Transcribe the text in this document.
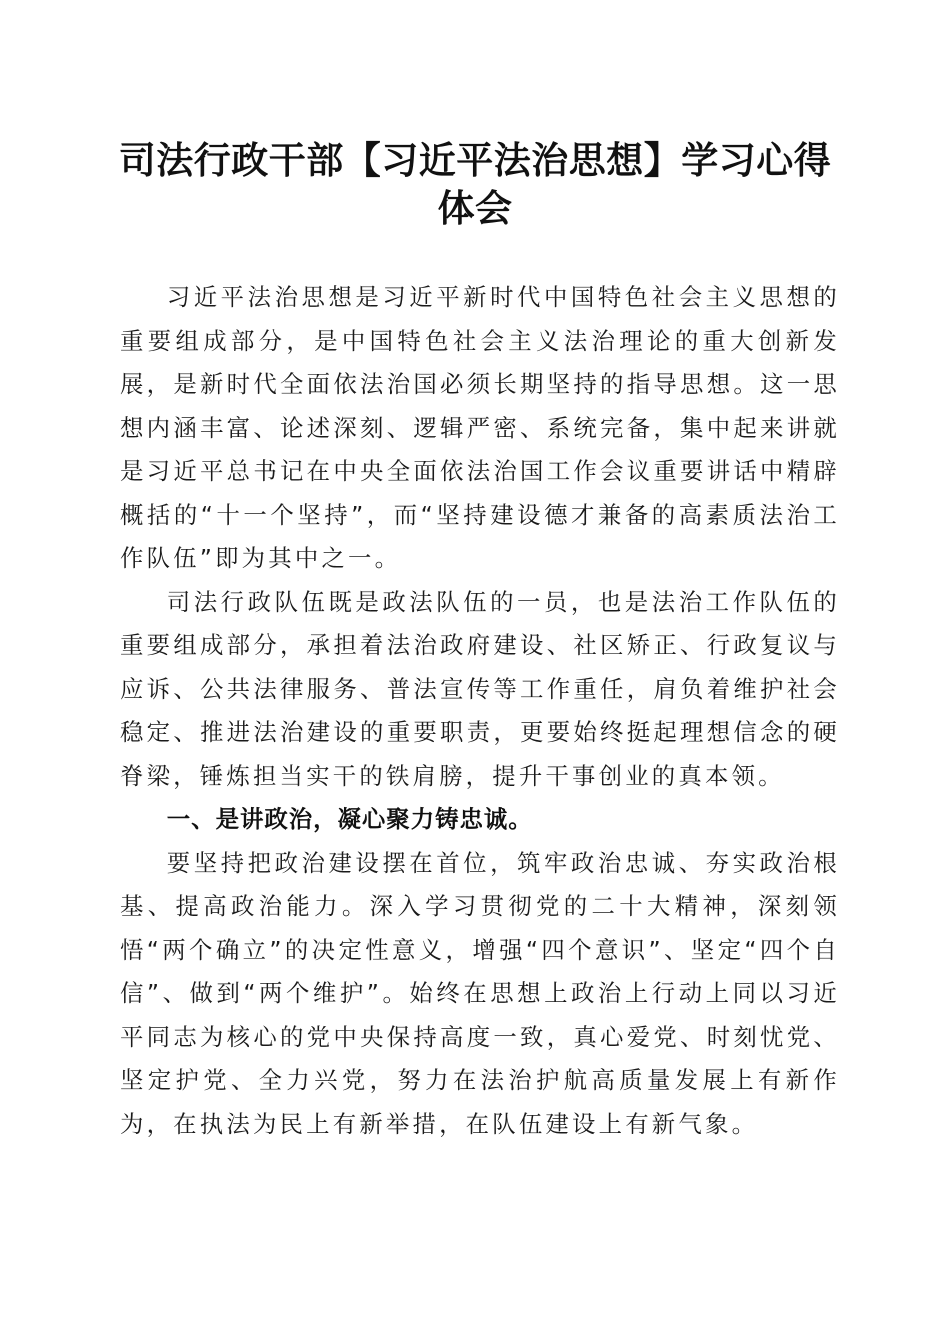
司法行政干部【习近平法治思想】学习心得体会

习近平法治思想是习近平新时代中国特色社会主义思想的重要组成部分，是中国特色社会主义法治理论的重大创新发展，是新时代全面依法治国必须长期坚持的指导思想。这一思想内涵丰富、论述深刻、逻辑严密、系统完备，集中起来讲就是习近平总书记在中央全面依法治国工作会议重要讲话中精辟概括的“十一个坚持”，而“坚持建设德才兼备的高素质法治工作队伍”即为其中之一。

司法行政队伍既是政法队伍的一员，也是法治工作队伍的重要组成部分，承担着法治政府建设、社区矫正、行政复议与应诉、公共法律服务、普法宣传等工作重任，肩负着维护社会稳定、推进法治建设的重要职责，更要始终挺起理想信念的硬脊梁，锤炼担当实干的铁肩膀，提升干事创业的真本领。

一、是讲政治，凝心聚力铸忠诚。

要坚持把政治建设摆在首位，筑牢政治忠诚、夯实政治根基、提高政治能力。深入学习贯彻党的二十大精神，深刻领悟“两个确立”的决定性意义，增强“四个意识”、坚定“四个自信”、做到“两个维护”。始终在思想上政治上行动上同以习近平同志为核心的党中央保持高度一致，真心爱党、时刻忧党、坚定护党、全力兴党，努力在法治护航高质量发展上有新作为，在执法为民上有新举措，在队伍建设上有新气象。
